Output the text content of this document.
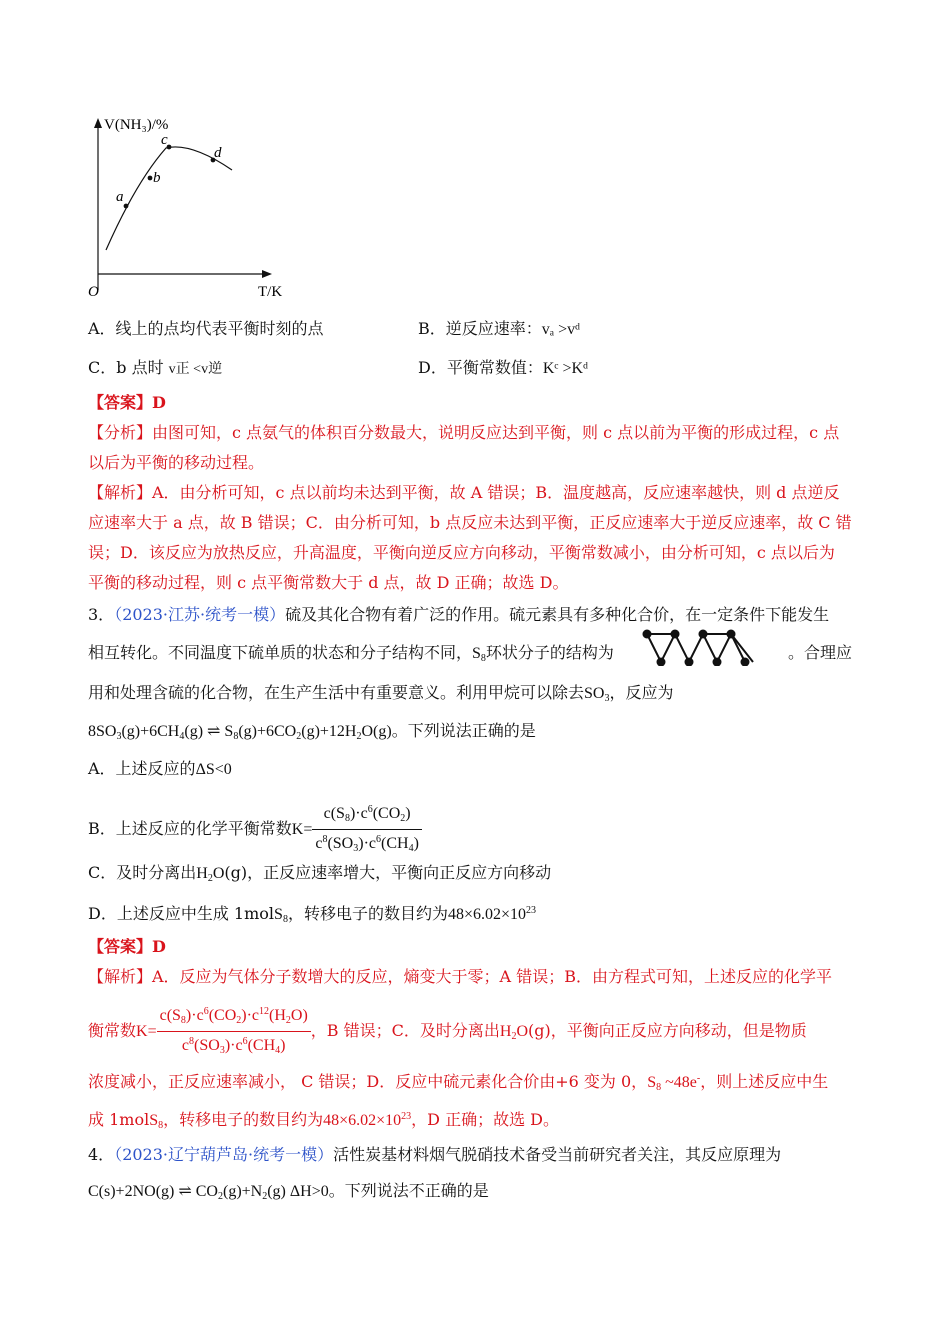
a
b
c
d
V(NH₃)/%
T/K
O
A．线上的点均代表平衡时刻的点	B．逆反应速率：vₐ >vᵈ
C．b 点时 v正 <v逆	D．平衡常数值：Kᶜ >Kᵈ
【答案】D
【分析】由图可知，c 点氨气的体积百分数最大，说明反应达到平衡，则 c 点以前为平衡的形成过程，c 点
以后为平衡的移动过程。
【解析】A．由分析可知，c 点以前均未达到平衡，故 A 错误；B．温度越高，反应速率越快，则 d 点逆反
应速率大于 a 点，故 B 错误；C．由分析可知，b 点反应未达到平衡，正反应速率大于逆反应速率，故 C 错
误；D．该反应为放热反应，升高温度，平衡向逆反应方向移动，平衡常数减小，由分析可知，c 点以后为
平衡的移动过程，则 c 点平衡常数大于 d 点，故 D 正确；故选 D。
3．（2023·江苏·统考一模）硫及其化合物有着广泛的作用。硫元素具有多种化合价，在一定条件下能发生
相互转化。不同温度下硫单质的状态和分子结构不同，$S_8$环状分子的结构为	。合理应
用和处理含硫的化合物，在生产生活中有重要意义。利用甲烷可以除去$SO_3$，反应为
$8SO_3(g)+6CH_4(g)$ ⇌ $S_8(g)+6CO_2(g)+12H_2O(g)$。下列说法正确的是
A．上述反应的ΔS<0
B．上述反应的化学平衡常数$K= \frac{c(S_8)\cdot c^6(CO_2)}{c^8(SO_3)\cdot c^6(CH_4)}$
C．及时分离出$H_2O(g)$，正反应速率增大，平衡向正反应方向移动
D．上述反应中生成 1molS$_8$，转移电子的数目约为$48\times 6.02\times 10^{23}$
【答案】D
【解析】A．反应为气体分子数增大的反应，熵变大于零；A 错误；B．由方程式可知，上述反应的化学平
衡常数$K= \frac{c(S_8)\cdot c^6(CO_2)\cdot c^{12}(H_2O)}{c^8(SO_3)\cdot c^6(CH_4)}$ ，B 错误；C．及时分离出$H_2O(g)$，平衡向正反应方向移动，但是物质
浓度减小，正反应速率减小， C 错误；D．反应中硫元素化合价由+6 变为 0，$S_8$ ~48e-，则上述反应中生
成 1molS$_8$，转移电子的数目约为$48\times 6.02\times 10^{23}$，D 正确；故选 D。
4．（2023·辽宁葫芦岛·统考一模）活性炭基材料烟气脱硝技术备受当前研究者关注，其反应原理为
C(s)+2NO(g) ⇌ $CO_2(g)+N_2(g)$ ΔH>0。下列说法不正确的是
